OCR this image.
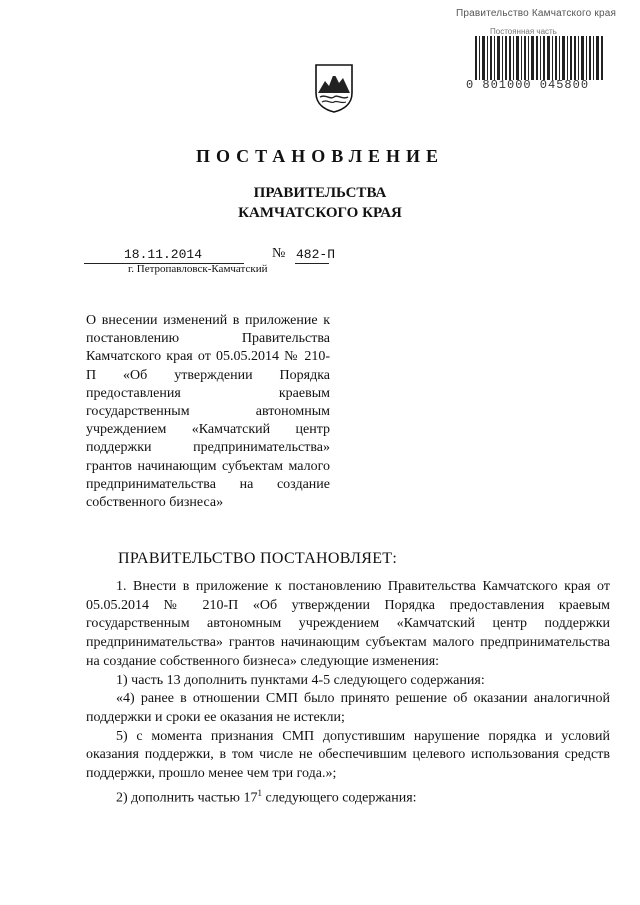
Правительство Камчатского края
Постоянная часть
0 801000 045800
ПОСТАНОВЛЕНИЕ
ПРАВИТЕЛЬСТВА
КАМЧАТСКОГО КРАЯ
18.11.2014	№ 482-П
г. Петропавловск-Камчатский
О внесении изменений в приложение к постановлению Правительства Камчатского края от 05.05.2014 № 210-П «Об утверждении Порядка предоставления краевым государственным автономным учреждением «Камчатский центр поддержки предпринимательства» грантов начинающим субъектам малого предпринимательства на создание собственного бизнеса»
ПРАВИТЕЛЬСТВО ПОСТАНОВЛЯЕТ:

1. Внести в приложение к постановлению Правительства Камчатского края от 05.05.2014 № 210-П «Об утверждении Порядка предоставления краевым государственным автономным учреждением «Камчатский центр поддержки предпринимательства» грантов начинающим субъектам малого предпринимательства на создание собственного бизнеса» следующие изменения:

1) часть 13 дополнить пунктами 4-5 следующего содержания:

«4) ранее в отношении СМП было принято решение об оказании аналогичной поддержки и сроки ее оказания не истекли;

5) с момента признания СМП допустившим нарушение порядка и условий оказания поддержки, в том числе не обеспечившим целевого использования средств поддержки, прошло менее чем три года.»;

2) дополнить частью $17^1$ следующего содержания:
